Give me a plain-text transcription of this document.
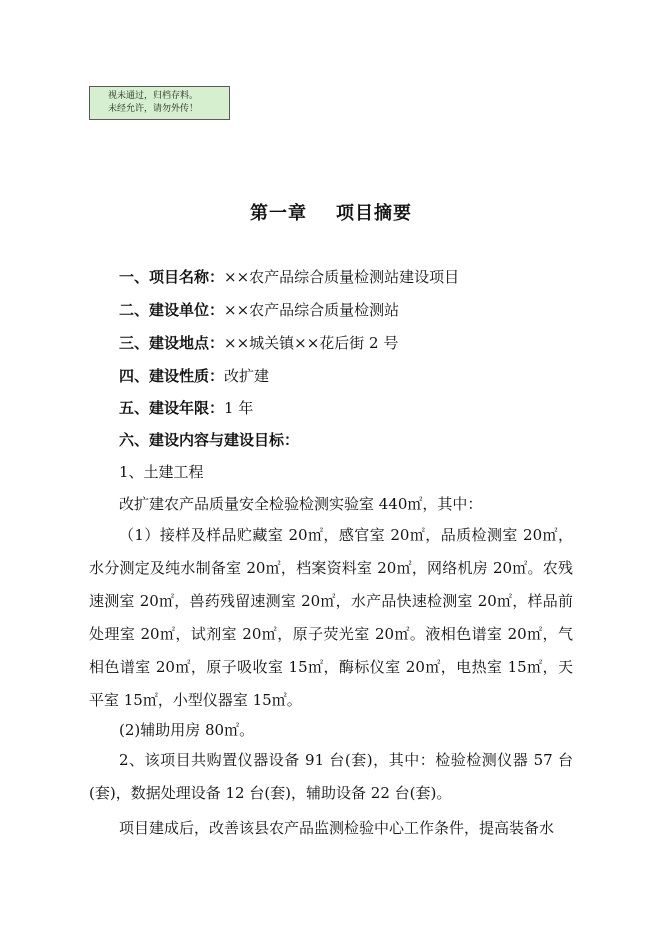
视未通过，归档存料。
未经允许，请勿外传！
第一章    项目摘要
一、项目名称：××农产品综合质量检测站建设项目
二、建设单位：××农产品综合质量检测站
三、建设地点：××城关镇××花后街 2 号
四、建设性质：改扩建
五、建设年限：1 年
六、建设内容与建设目标：
1、土建工程
改扩建农产品质量安全检验检测实验室 440㎡，其中：
（1）接样及样品贮藏室 20㎡，感官室 20㎡，品质检测室 20㎡，水分测定及纯水制备室 20㎡，档案资料室 20㎡，网络机房 20㎡。农残速测室 20㎡，兽药残留速测室 20㎡，水产品快速检测室 20㎡，样品前处理室 20㎡，试剂室 20㎡，原子荧光室 20㎡。液相色谱室 20㎡，气相色谱室 20㎡，原子吸收室 15㎡，酶标仪室 20㎡，电热室 15㎡，天平室 15㎡，小型仪器室 15㎡。
(2)辅助用房 80㎡。
2、该项目共购置仪器设备 91 台(套)，其中：检验检测仪器 57 台(套)，数据处理设备 12 台(套)，辅助设备 22 台(套)。
项目建成后，改善该县农产品监测检验中心工作条件，提高装备水
